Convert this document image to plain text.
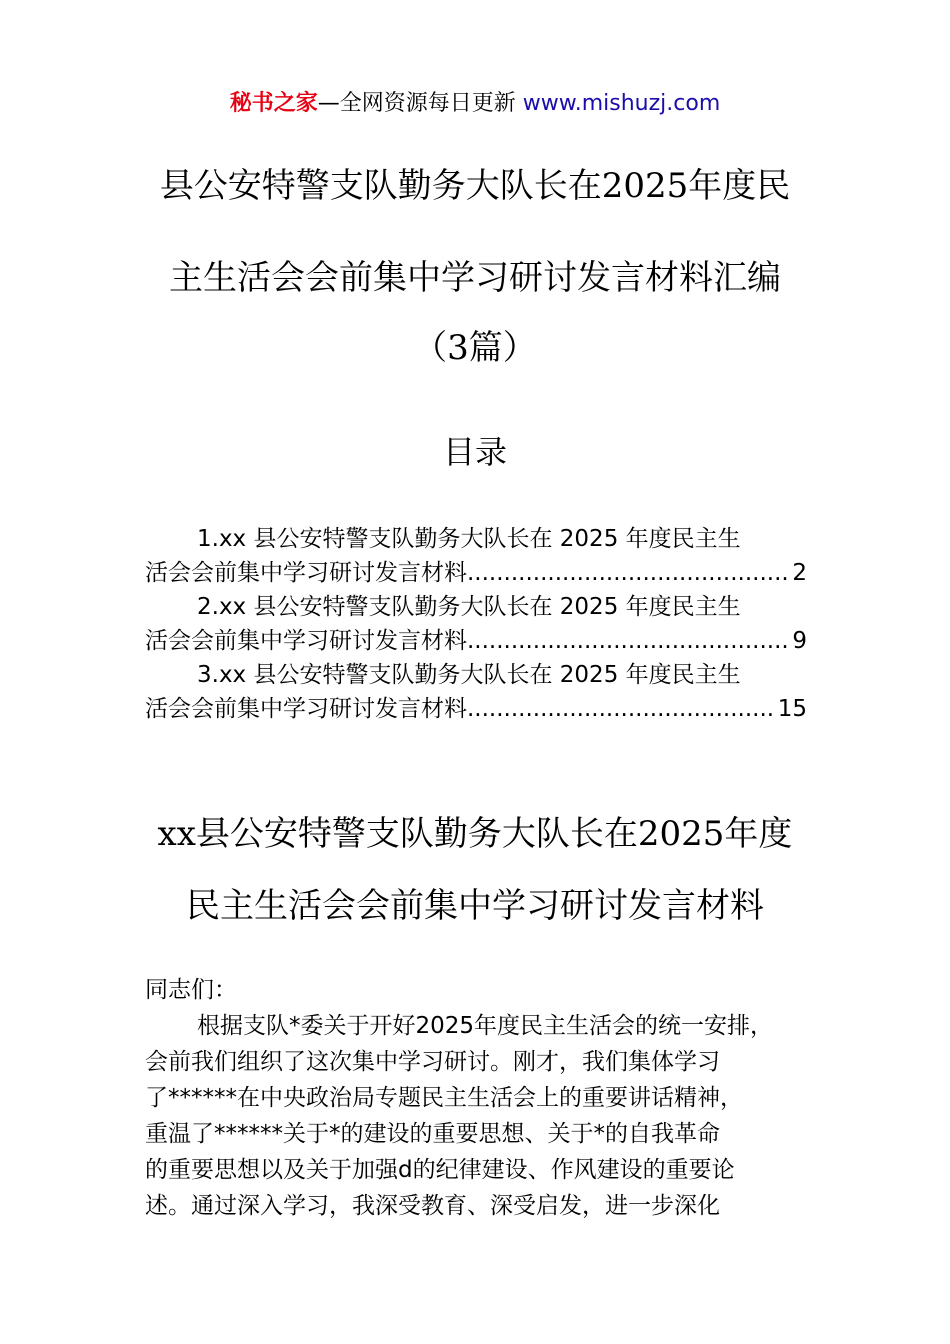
秘书之家—全网资源每日更新 www.mishuzj.com
县公安特警支队勤务大队长在2025年度民
主生活会会前集中学习研讨发言材料汇编
（3篇）
目录
1.xx 县公安特警支队勤务大队长在 2025 年度民主生
活会会前集中学习研讨发言材料 .....	2
2.xx 县公安特警支队勤务大队长在 2025 年度民主生
活会会前集中学习研讨发言材料 .....	9
3.xx 县公安特警支队勤务大队长在 2025 年度民主生
活会会前集中学习研讨发言材料 .....	15
xx县公安特警支队勤务大队长在2025年度
民主生活会会前集中学习研讨发言材料
同志们：
根据支队*委关于开好2025年度民主生活会的统一安排，
会前我们组织了这次集中学习研讨。刚才，我们集体学习
了******在中央政治局专题民主生活会上的重要讲话精神，
重温了******关于*的建设的重要思想、关于*的自我革命
的重要思想以及关于加强d的纪律建设、作风建设的重要论
述。通过深入学习，我深受教育、深受启发，进一步深化
